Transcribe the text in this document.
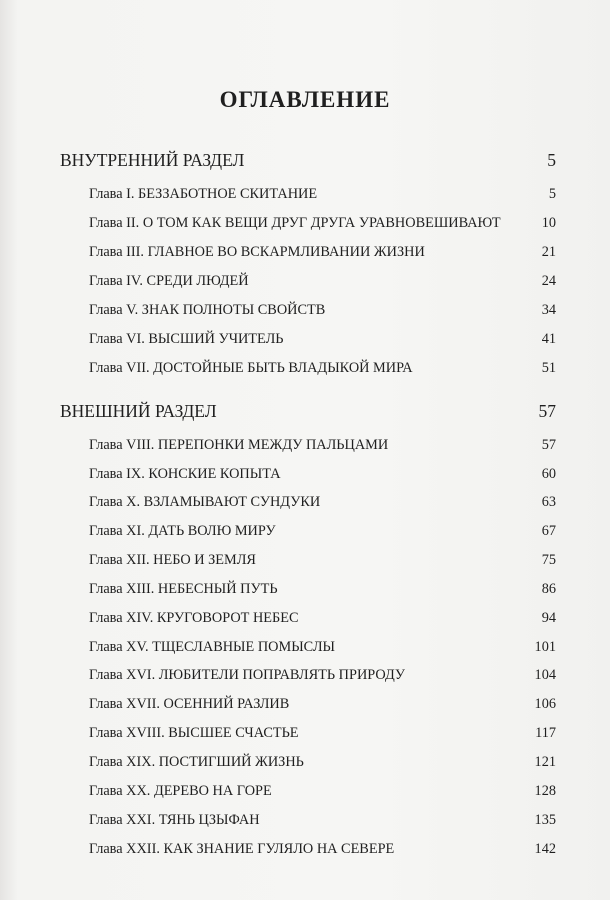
ОГЛАВЛЕНИЕ
ВНУТРЕННИЙ РАЗДЕЛ	5
Глава I. БЕЗЗАБОТНОЕ СКИТАНИЕ	5
Глава II. О ТОМ КАК ВЕЩИ ДРУГ ДРУГА УРАВНОВЕШИВАЮТ	10
Глава III. ГЛАВНОЕ ВО ВСКАРМЛИВАНИИ ЖИЗНИ	21
Глава IV. СРЕДИ ЛЮДЕЙ	24
Глава V. ЗНАК ПОЛНОТЫ СВОЙСТВ	34
Глава VI. ВЫСШИЙ УЧИТЕЛЬ	41
Глава VII. ДОСТОЙНЫЕ БЫТЬ ВЛАДЫКОЙ МИРА	51
ВНЕШНИЙ РАЗДЕЛ	57
Глава VIII. ПЕРЕПОНКИ МЕЖДУ ПАЛЬЦАМИ	57
Глава IX. КОНСКИЕ КОПЫТА	60
Глава X. ВЗЛАМЫВАЮТ СУНДУКИ	63
Глава XI. ДАТЬ ВОЛЮ МИРУ	67
Глава XII. НЕБО И ЗЕМЛЯ	75
Глава XIII. НЕБЕСНЫЙ ПУТЬ	86
Глава XIV. КРУГОВОРОТ НЕБЕС	94
Глава XV. ТЩЕСЛАВНЫЕ ПОМЫСЛЫ	101
Глава XVI. ЛЮБИТЕЛИ ПОПРАВЛЯТЬ ПРИРОДУ	104
Глава XVII. ОСЕННИЙ РАЗЛИВ	106
Глава XVIII. ВЫСШЕЕ СЧАСТЬЕ	117
Глава XIX. ПОСТИГШИЙ ЖИЗНЬ	121
Глава XX. ДЕРЕВО НА ГОРЕ	128
Глава XXI. ТЯНЬ ЦЗЫФАН	135
Глава XXII. КАК ЗНАНИЕ ГУЛЯЛО НА СЕВЕРЕ	142
